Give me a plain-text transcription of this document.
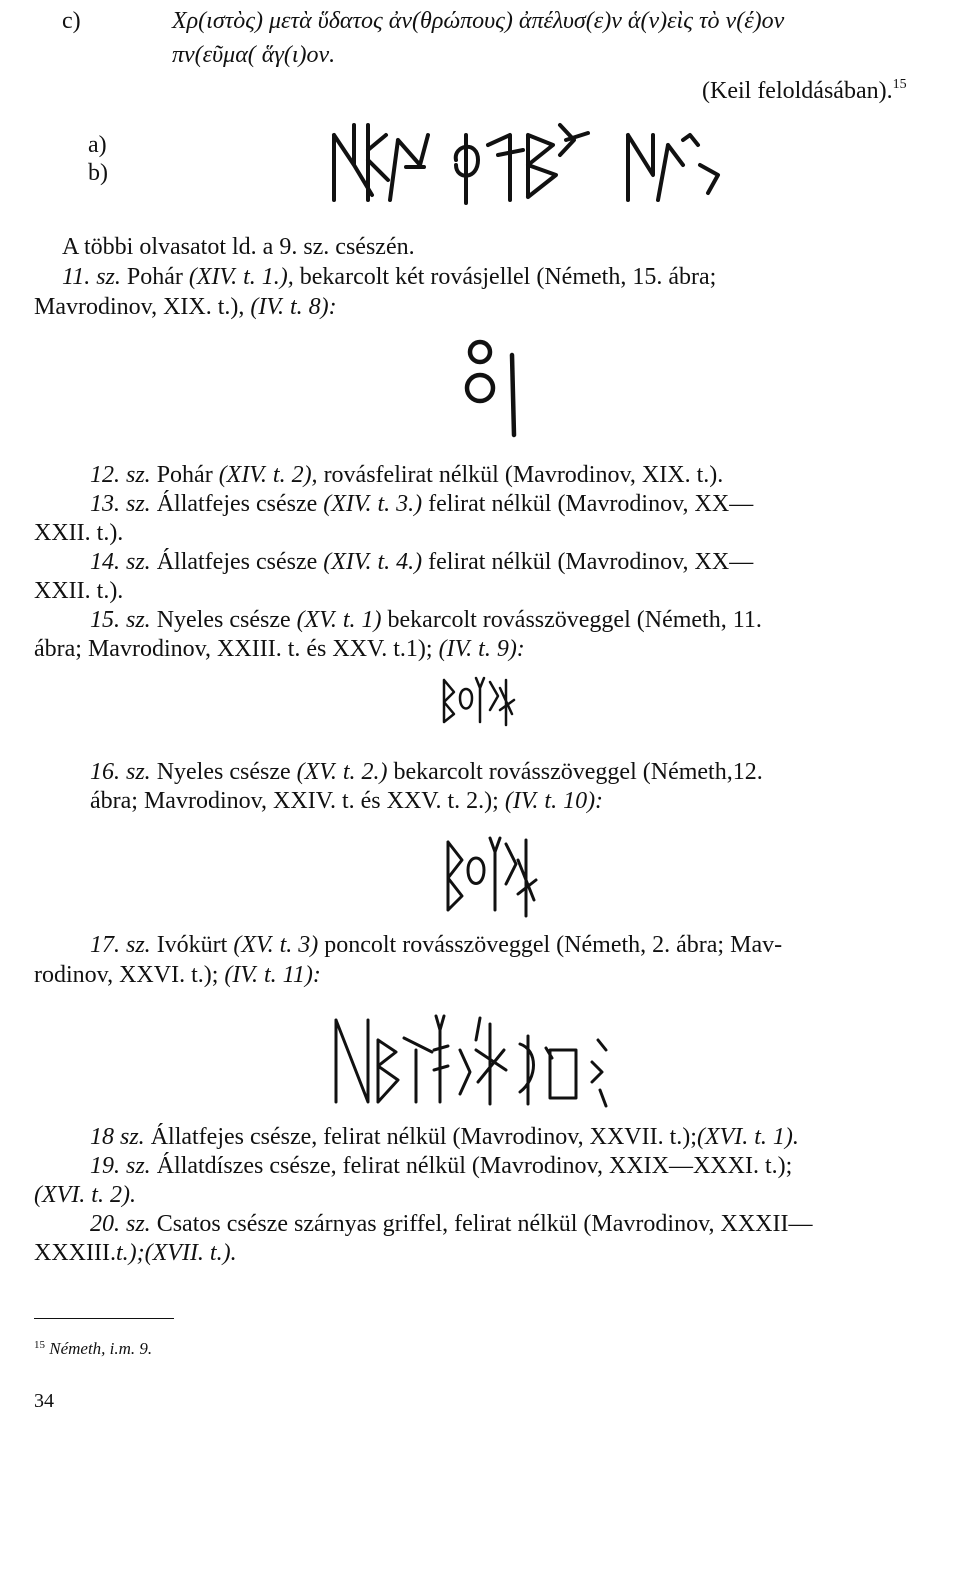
c)	Χρ(ιστὸς) μετὰ ὕδατος ἀν(θρώπους) ἀπέλυσ(ε)ν ἁ(ν)εὶς τὸ ν(έ)ον
πν(εῦμα( ἅγ(ι)ον.
(Keil feloldásában).$^{15}$
a)
b)
A többi olvasatot ld. a 9. sz. csészén.
11. sz. Pohár (XIV. t. 1.), bekarcolt két rovásjellel (Németh, 15. ábra;
Mavrodinov, XIX. t.), (IV. t. 8):
12. sz. Pohár (XIV. t. 2), rovásfelirat nélkül (Mavrodinov, XIX. t.).
13. sz. Állatfejes csésze (XIV. t. 3.) felirat nélkül (Mavrodinov, XX—
XXII. t.).
14. sz. Állatfejes csésze (XIV. t. 4.) felirat nélkül (Mavrodinov, XX—
XXII. t.).
15. sz. Nyeles csésze (XV. t. 1) bekarcolt rovásszöveggel (Németh, 11.
ábra; Mavrodinov, XXIII. t. és XXV. t.1); (IV. t. 9):
16. sz. Nyeles csésze (XV. t. 2.) bekarcolt rovásszöveggel (Németh,12.
ábra; Mavrodinov, XXIV. t. és XXV. t. 2.); (IV. t. 10):
17. sz. Ivókürt (XV. t. 3) poncolt rovásszöveggel (Németh, 2. ábra; Mav-
rodinov, XXVI. t.); (IV. t. 11):
18 sz. Állatfejes csésze, felirat nélkül (Mavrodinov, XXVII. t.);(XVI. t. 1).
19. sz. Állatdíszes csésze, felirat nélkül (Mavrodinov, XXIX—XXXI. t.);
(XVI. t. 2).
20. sz. Csatos csésze szárnyas griffel, felirat nélkül (Mavrodinov, XXXII—
XXXIII.t.);(XVII. t.).
$^{15}$ Németh, i.m. 9.
34
